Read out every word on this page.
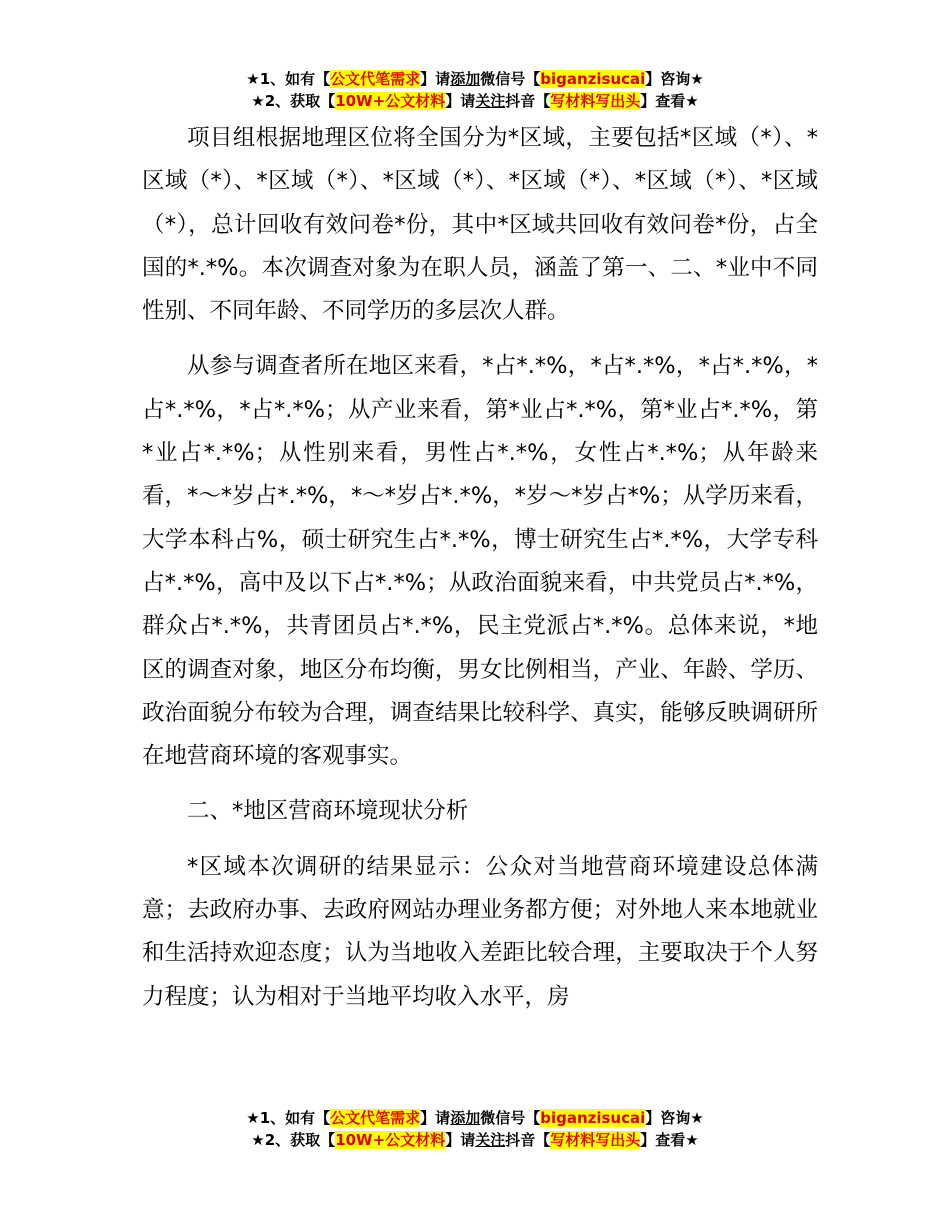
★1、如有【公文代笔需求】请添加微信号【biganzisucai】咨询★
★2、获取【10W+公文材料】请关注抖音【写材料写出头】查看★

项目组根据地理区位将全国分为*区域，主要包括*区域（*）、*区域（*）、*区域（*）、*区域（*）、*区域（*）、*区域（*）、*区域（*），总计回收有效问卷*份，其中*区域共回收有效问卷*份，占全国的*.*%。本次调查对象为在职人员，涵盖了第一、二、*业中不同性别、不同年龄、不同学历的多层次人群。

从参与调查者所在地区来看，*占*.*%，*占*.*%，*占*.*%，*占*.*%，*占*.*%；从产业来看，第*业占*.*%，第*业占*.*%，第*业占*.*%；从性别来看，男性占*.*%，女性占*.*%；从年龄来看，*～*岁占*.*%，*～*岁占*.*%，*岁～*岁占*%；从学历来看，大学本科占%，硕士研究生占*.*%，博士研究生占*.*%，大学专科占*.*%，高中及以下占*.*%；从政治面貌来看，中共党员占*.*%，群众占*.*%，共青团员占*.*%，民主党派占*.*%。总体来说，*地区的调查对象，地区分布均衡，男女比例相当，产业、年龄、学历、政治面貌分布较为合理，调查结果比较科学、真实，能够反映调研所在地营商环境的客观事实。

二、*地区营商环境现状分析

*区域本次调研的结果显示：公众对当地营商环境建设总体满意；去政府办事、去政府网站办理业务都方便；对外地人来本地就业和生活持欢迎态度；认为当地收入差距比较合理，主要取决于个人努力程度；认为相对于当地平均收入水平，房

★1、如有【公文代笔需求】请添加微信号【biganzisucai】咨询★
★2、获取【10W+公文材料】请关注抖音【写材料写出头】查看★
